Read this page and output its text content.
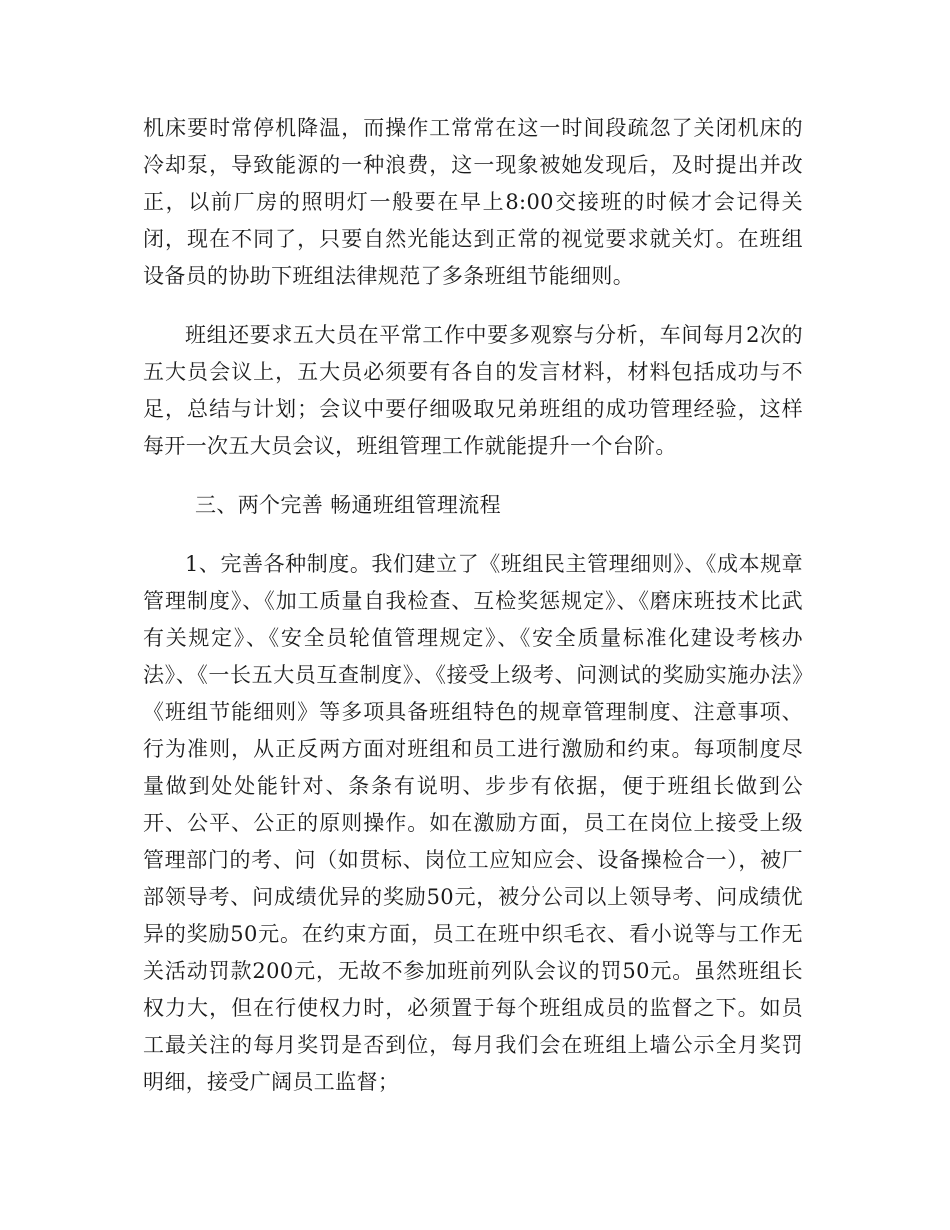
机床要时常停机降温，而操作工常常在这一时间段疏忽了关闭机床的冷却泵，导致能源的一种浪费，这一现象被她发现后，及时提出并改正，以前厂房的照明灯一般要在早上8:00交接班的时候才会记得关闭，现在不同了，只要自然光能达到正常的视觉要求就关灯。在班组设备员的协助下班组法律规范了多条班组节能细则。

班组还要求五大员在平常工作中要多观察与分析，车间每月2次的五大员会议上，五大员必须要有各自的发言材料，材料包括成功与不足，总结与计划；会议中要仔细吸取兄弟班组的成功管理经验，这样每开一次五大员会议，班组管理工作就能提升一个台阶。

三、两个完善 畅通班组管理流程

1、完善各种制度。我们建立了《班组民主管理细则》、《成本规章管理制度》、《加工质量自我检查、互检奖惩规定》、《磨床班技术比武有关规定》、《安全员轮值管理规定》、《安全质量标准化建设考核办法》、《一长五大员互查制度》、《接受上级考、问测试的奖励实施办法》《班组节能细则》等多项具备班组特色的规章管理制度、注意事项、行为准则，从正反两方面对班组和员工进行激励和约束。每项制度尽量做到处处能针对、条条有说明、步步有依据，便于班组长做到公开、公平、公正的原则操作。如在激励方面，员工在岗位上接受上级管理部门的考、问（如贯标、岗位工应知应会、设备操检合一），被厂部领导考、问成绩优异的奖励50元，被分公司以上领导考、问成绩优异的奖励50元。在约束方面，员工在班中织毛衣、看小说等与工作无关活动罚款200元，无故不参加班前列队会议的罚50元。虽然班组长权力大，但在行使权力时，必须置于每个班组成员的监督之下。如员工最关注的每月奖罚是否到位，每月我们会在班组上墙公示全月奖罚明细，接受广阔员工监督；
